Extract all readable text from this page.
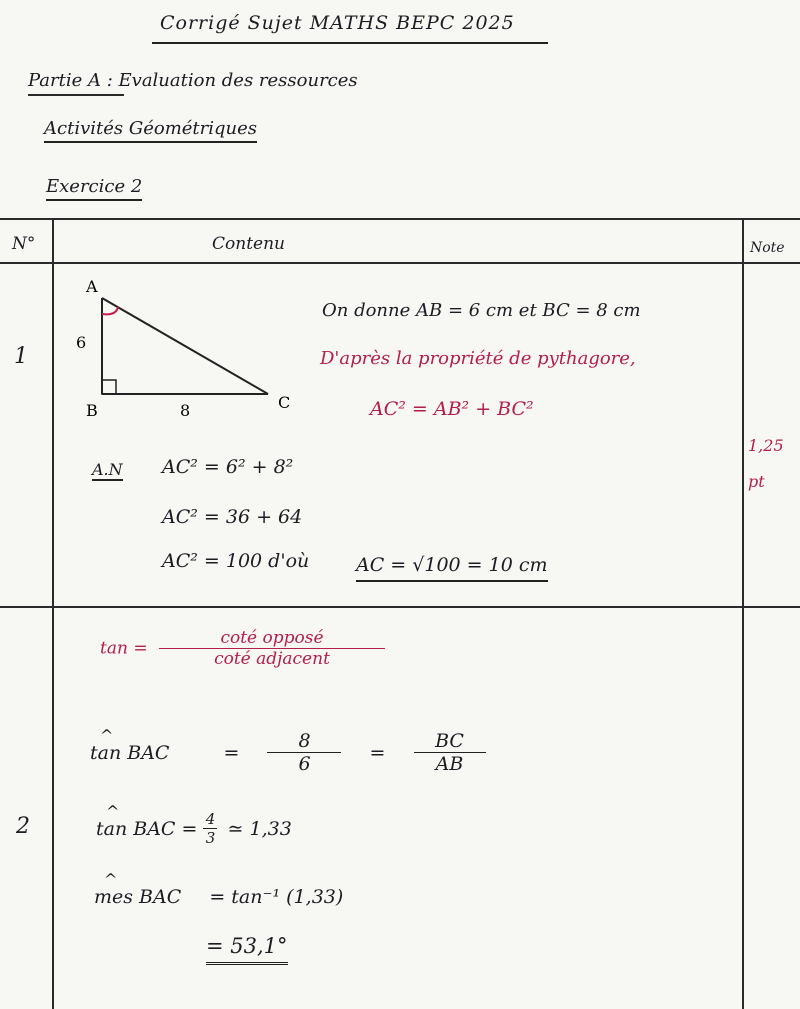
Corrigé Sujet MATHS BEPC 2025
Partie A : Evaluation des ressources
Activités Géométriques
Exercice 2
N°	Contenu	Note
1
A
B	C
6
8
On donne AB = 6 cm et BC = 8 cm
D'après la propriété de pythagore,
AC² = AB² + BC²
A.N AC² = 6² + 8²
AC² = 36 + 64
AC² = 100 d'où AC = √100 = 10 cm
1,25 pt
2
$\tan = \frac{\text{coté opposé}}{\text{coté adjacent}}$
^ tan BAC	= $\frac{8}{6} = \frac{BC}{AB}$
^ tan BAC = $\frac{4}{3}$ ≃ 1,33
^ mes BAC = tan⁻¹ (1,33)
= 53,1°
